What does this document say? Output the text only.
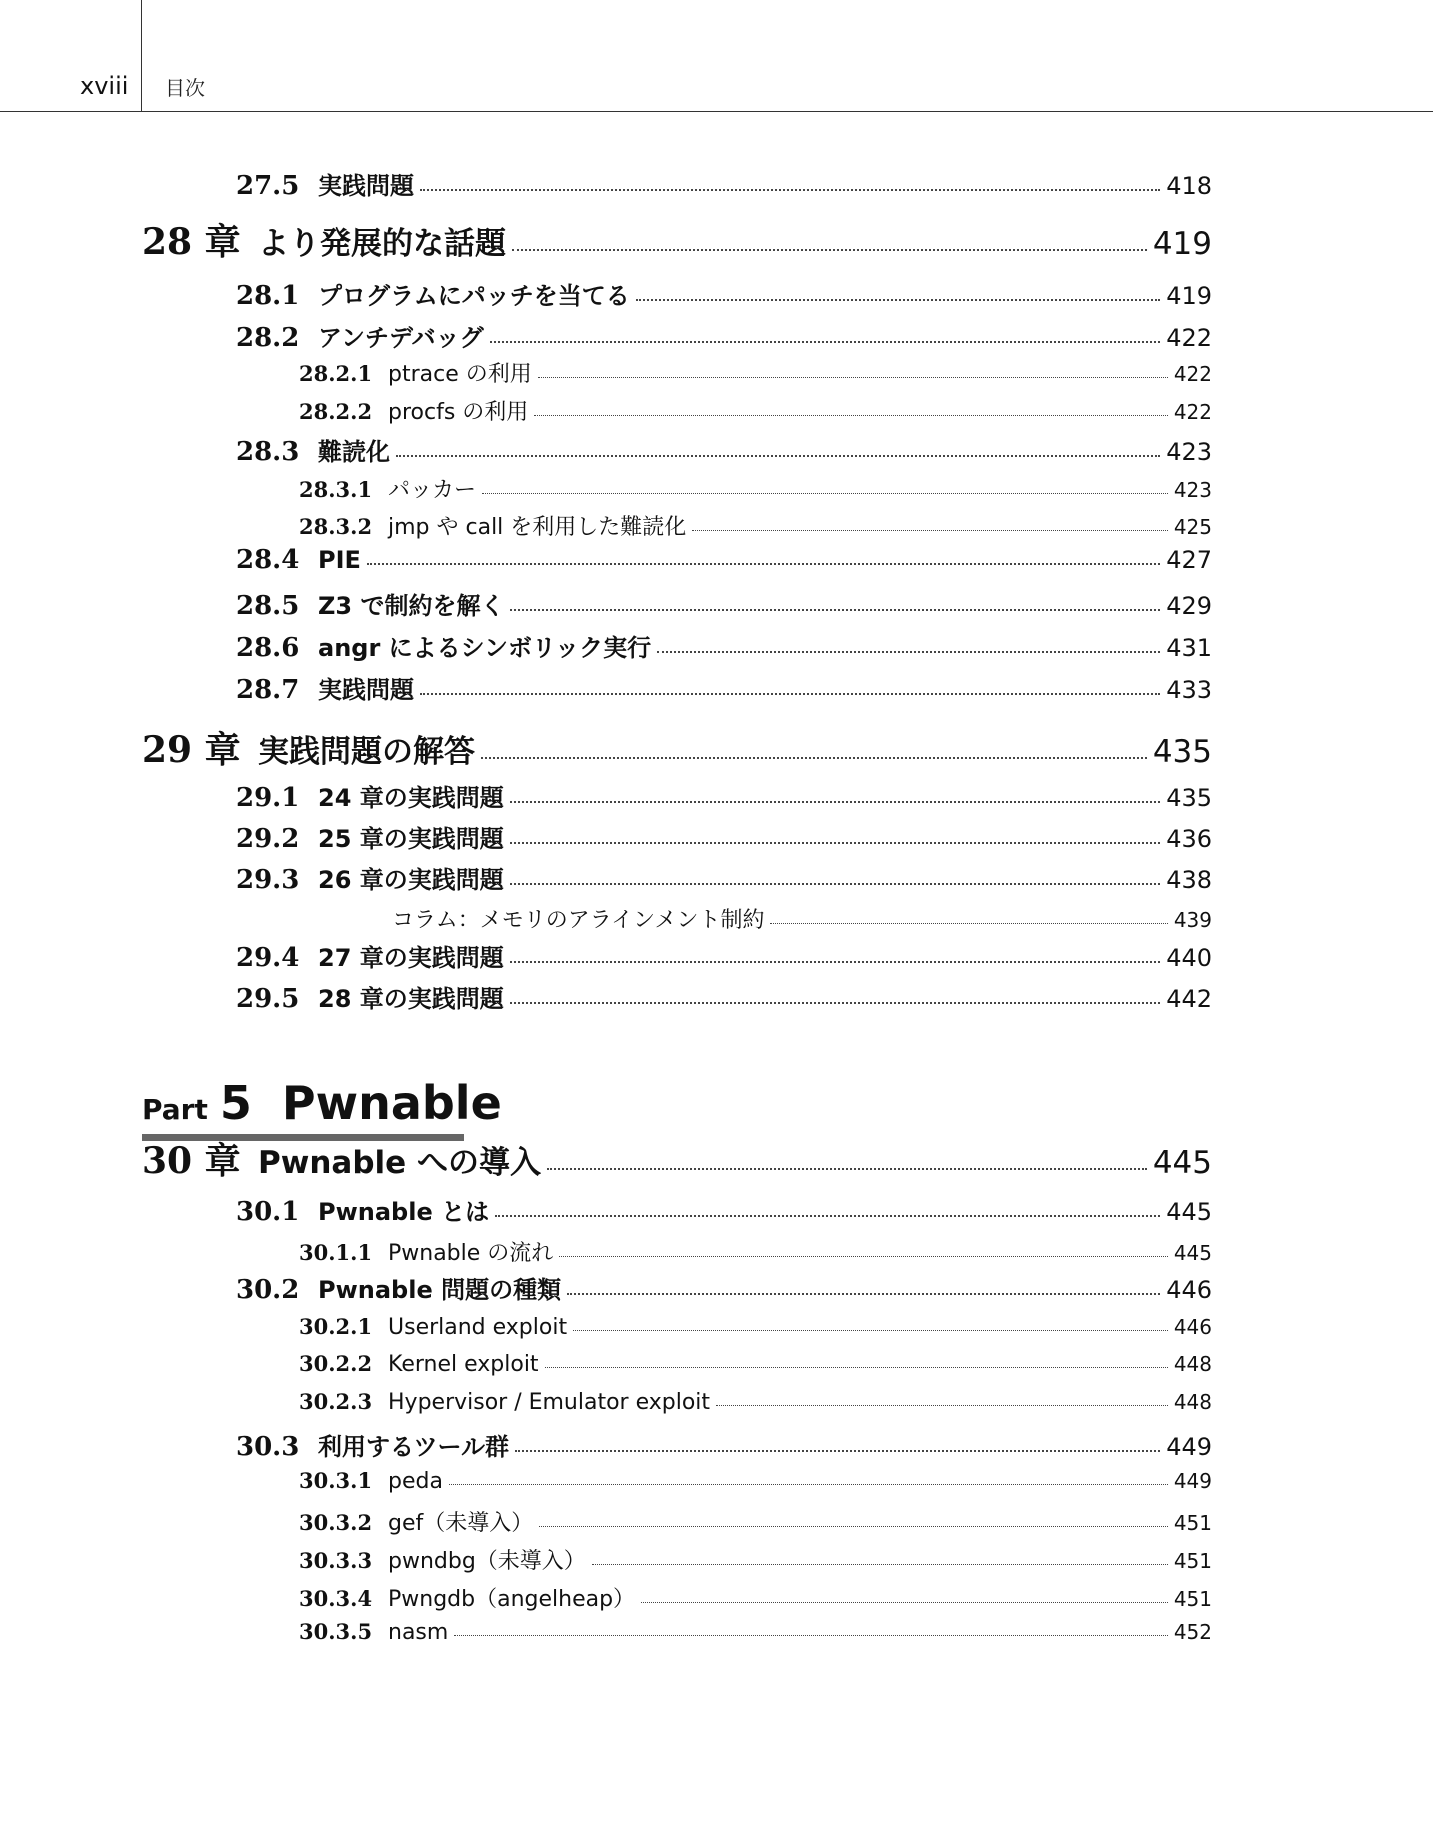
xviii 目次
27.5 実践問題	418
28 章 より発展的な話題	419
28.1 プログラムにパッチを当てる	419
28.2 アンチデバッグ	422
28.2.1 ptrace の利用	422
28.2.2 procfs の利用	422
28.3 難読化	423
28.3.1 パッカー	423
28.3.2 jmp や call を利用した難読化	425
28.4 PIE	427
28.5 Z3 で制約を解く	429
28.6 angr によるシンボリック実行	431
28.7 実践問題	433
29 章 実践問題の解答	435
29.1 24 章の実践問題	435
29.2 25 章の実践問題	436
29.3 26 章の実践問題	438
コラム：メモリのアラインメント制約	439
29.4 27 章の実践問題	440
29.5 28 章の実践問題	442
Part 5 Pwnable
30 章 Pwnable への導入	445
30.1 Pwnable とは	445
30.1.1 Pwnable の流れ	445
30.2 Pwnable 問題の種類	446
30.2.1 Userland exploit	446
30.2.2 Kernel exploit	448
30.2.3 Hypervisor / Emulator exploit	448
30.3 利用するツール群	449
30.3.1 peda	449
30.3.2 gef（未導入）	451
30.3.3 pwndbg（未導入）	451
30.3.4 Pwngdb（angelheap）	451
30.3.5 nasm	452
